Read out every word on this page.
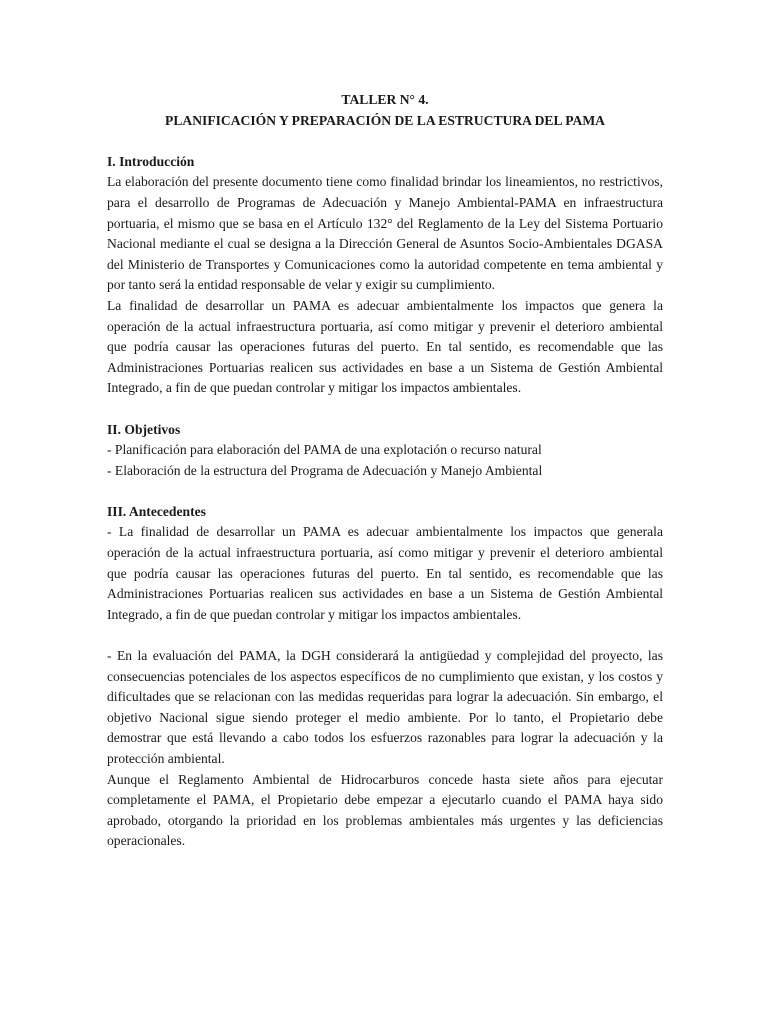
TALLER N° 4.

PLANIFICACIÓN Y PREPARACIÓN DE LA ESTRUCTURA DEL PAMA

I. Introducción

La elaboración del presente documento tiene como finalidad brindar los lineamientos, no restrictivos, para el desarrollo de Programas de Adecuación y Manejo Ambiental-PAMA en infraestructura portuaria, el mismo que se basa en el Artículo 132° del Reglamento de la Ley del Sistema Portuario Nacional mediante el cual se designa a la Dirección General de Asuntos Socio-Ambientales DGASA del Ministerio de Transportes y Comunicaciones como la autoridad competente en tema ambiental y por tanto será la entidad responsable de velar y exigir su cumplimiento.

La finalidad de desarrollar un PAMA es adecuar ambientalmente los impactos que genera la operación de la actual infraestructura portuaria, así como mitigar y prevenir el deterioro ambiental que podría causar las operaciones futuras del puerto. En tal sentido, es recomendable que las Administraciones Portuarias realicen sus actividades en base a un Sistema de Gestión Ambiental Integrado, a fin de que puedan controlar y mitigar los impactos ambientales.

II. Objetivos

- Planificación para elaboración del PAMA de una explotación o recurso natural

- Elaboración de la estructura del Programa de Adecuación y Manejo Ambiental

III. Antecedentes

- La finalidad de desarrollar un PAMA es adecuar ambientalmente los impactos que generala operación de la actual infraestructura portuaria, así como mitigar y prevenir el deterioro ambiental que podría causar las operaciones futuras del puerto. En tal sentido, es recomendable que las Administraciones Portuarias realicen sus actividades en base a un Sistema de Gestión Ambiental Integrado, a fin de que puedan controlar y mitigar los impactos ambientales.

- En la evaluación del PAMA, la DGH considerará la antigüedad y complejidad del proyecto, las consecuencias potenciales de los aspectos específicos de no cumplimiento que existan, y los costos y dificultades que se relacionan con las medidas requeridas para lograr la adecuación. Sin embargo, el objetivo Nacional sigue siendo proteger el medio ambiente. Por lo tanto, el Propietario debe demostrar que está llevando a cabo todos los esfuerzos razonables para lograr la adecuación y la protección ambiental.

Aunque el Reglamento Ambiental de Hidrocarburos concede hasta siete años para ejecutar completamente el PAMA, el Propietario debe empezar a ejecutarlo cuando el PAMA haya sido aprobado, otorgando la prioridad en los problemas ambientales más urgentes y las deficiencias operacionales.
